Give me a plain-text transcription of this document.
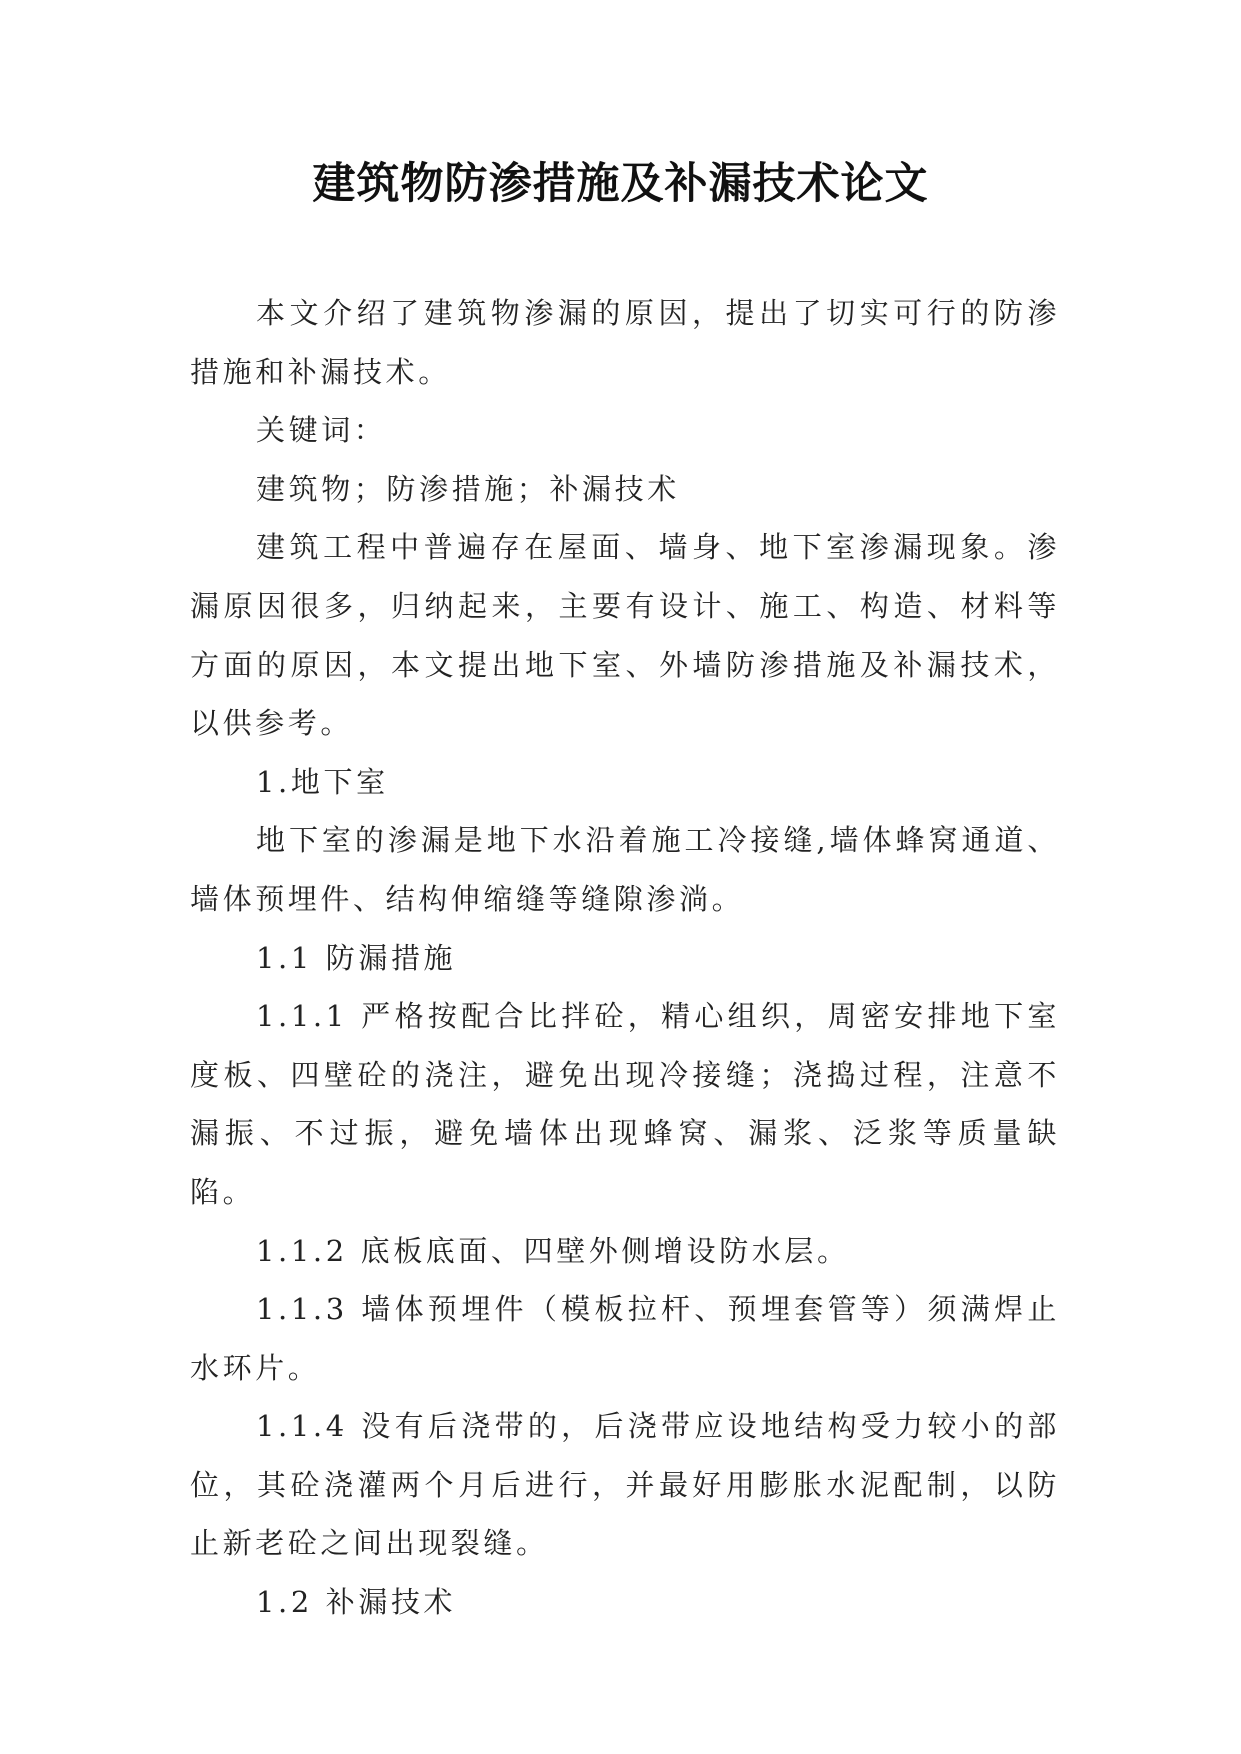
建筑物防渗措施及补漏技术论文

本文介绍了建筑物渗漏的原因，提出了切实可行的防渗措施和补漏技术。

关键词：

建筑物；防渗措施；补漏技术

建筑工程中普遍存在屋面、墙身、地下室渗漏现象。渗漏原因很多，归纳起来，主要有设计、施工、构造、材料等方面的原因，本文提出地下室、外墙防渗措施及补漏技术，以供参考。

1.地下室

地下室的渗漏是地下水沿着施工冷接缝,墙体蜂窝通道、墙体预埋件、结构伸缩缝等缝隙渗淌。

1.1 防漏措施

1.1.1 严格按配合比拌砼，精心组织，周密安排地下室度板、四壁砼的浇注，避免出现冷接缝；浇捣过程，注意不漏振、不过振，避免墙体出现蜂窝、漏浆、泛浆等质量缺陷。

1.1.2 底板底面、四壁外侧增设防水层。

1.1.3 墙体预埋件（模板拉杆、预埋套管等）须满焊止水环片。

1.1.4 没有后浇带的，后浇带应设地结构受力较小的部位，其砼浇灌两个月后进行，并最好用膨胀水泥配制，以防止新老砼之间出现裂缝。

1.2 补漏技术
